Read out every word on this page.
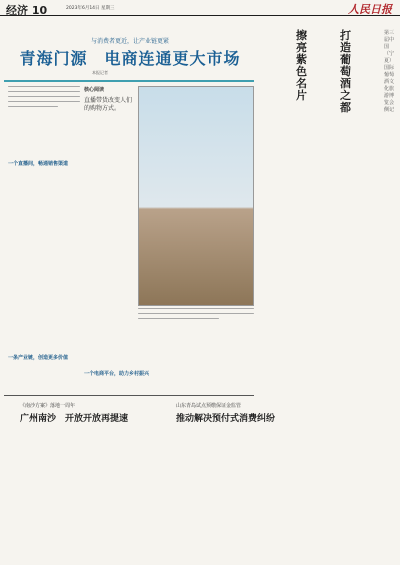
经济 10	2023年6月14日 星期三	人民日报
与消费者更近，让产业链更紧
青海门源　电商连通更大市场
本报记者
一个直播间，畅通销售渠道
一条产业链，创造更多价值
核心阅读
直播带货改变人们的购物方式。
一个电商平台，助力乡村振兴
擦亮紫色名片
打造葡萄酒之都
第三届中国（宁夏）国际葡萄酒文化旅游博览会侧记
《南沙方案》落地一周年
广州南沙　开放开放再提速
山东青岛试点预缴保证金监管
推动解决预付式消费纠纷
